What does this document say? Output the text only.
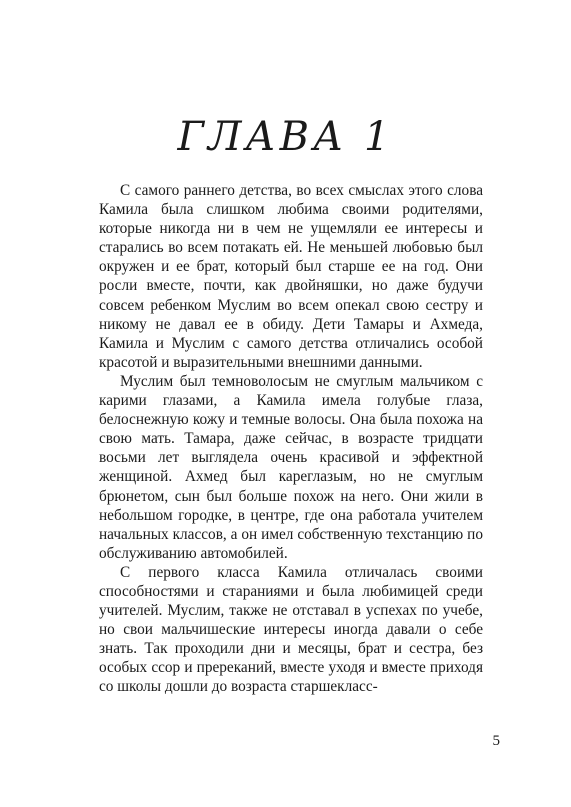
ГЛАВА 1

С самого раннего детства, во всех смыслах этого слова Камила была слишком любима своими родителями, которые никогда ни в чем не ущемляли ее интересы и старались во всем потакать ей. Не меньшей любовью был окружен и ее брат, который был старше ее на год. Они росли вместе, почти, как двойняшки, но даже будучи совсем ребенком Муслим во всем опекал свою сестру и никому не давал ее в обиду. Дети Тамары и Ахмеда, Камила и Муслим с самого детства отличались особой красотой и выразительными внешними данными.

Муслим был темноволосым не смуглым мальчиком с карими глазами, а Камила имела голубые глаза, белоснежную кожу и темные волосы. Она была похожа на свою мать. Тамара, даже сейчас, в возрасте тридцати восьми лет выглядела очень красивой и эффектной женщиной. Ахмед был кареглазым, но не смуглым брюнетом, сын был больше похож на него. Они жили в небольшом городке, в центре, где она работала учителем начальных классов, а он имел собственную техстанцию по обслуживанию автомобилей.

С первого класса Камила отличалась своими способностями и стараниями и была любимицей среди учителей. Муслим, также не отставал в успехах по учебе, но свои мальчишеские интересы иногда давали о себе знать. Так проходили дни и месяцы, брат и сестра, без особых ссор и пререканий, вместе уходя и вместе приходя со школы дошли до возраста старшекласс-

5
